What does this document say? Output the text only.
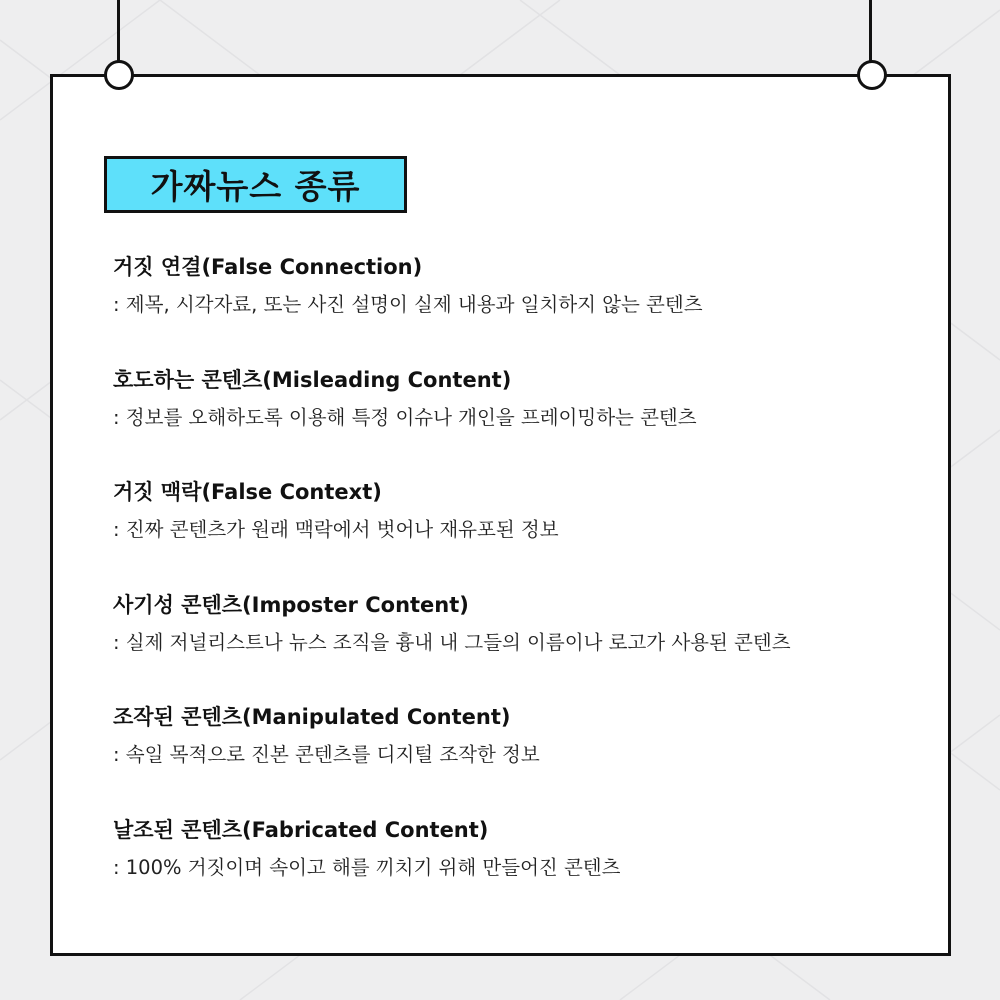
가짜뉴스 종류
거짓 연결(False Connection)
: 제목, 시각자료, 또는 사진 설명이 실제 내용과 일치하지 않는 콘텐츠
호도하는 콘텐츠(Misleading Content)
: 정보를 오해하도록 이용해 특정 이슈나 개인을 프레이밍하는 콘텐츠
거짓 맥락(False Context)
: 진짜 콘텐츠가 원래 맥락에서 벗어나 재유포된 정보
사기성 콘텐츠(Imposter Content)
: 실제 저널리스트나 뉴스 조직을 흉내 내 그들의 이름이나 로고가 사용된 콘텐츠
조작된 콘텐츠(Manipulated Content)
: 속일 목적으로 진본 콘텐츠를 디지털 조작한 정보
날조된 콘텐츠(Fabricated Content)
: 100% 거짓이며 속이고 해를 끼치기 위해 만들어진 콘텐츠
